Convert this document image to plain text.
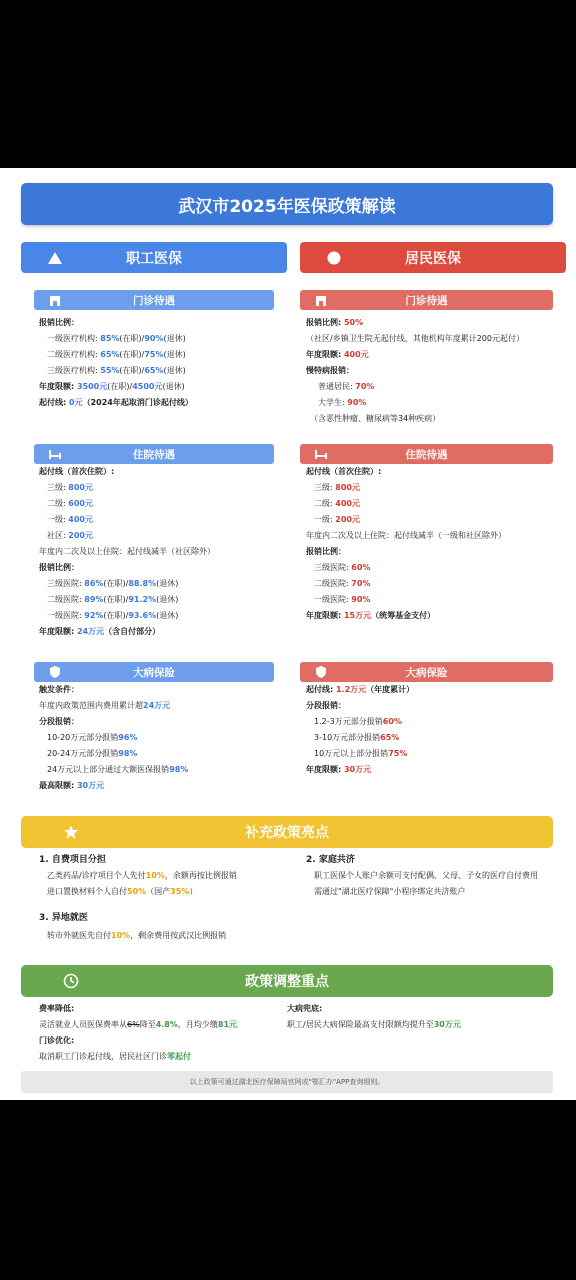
武汉市2025年医保政策解读
职工医保	居民医保
门诊待遇
报销比例：
一级医疗机构: 85%(在职)/90%(退休)
二级医疗机构: 65%(在职)/75%(退休)
三级医疗机构: 55%(在职)/65%(退休)
年度限额: 3500元(在职)/4500元(退休)
起付线: 0元（2024年起取消门诊起付线）
门诊待遇
报销比例: 50%
（社区/乡镇卫生院无起付线，其他机构年度累计200元起付）
年度限额: 400元
慢特病报销：
普通居民: 70%
大学生: 90%
（含恶性肿瘤、糖尿病等34种疾病）
住院待遇
起付线（首次住院）:
三级: 800元
二级: 600元
一级: 400元
社区: 200元
年度内二次及以上住院：起付线减半（社区除外）
报销比例：
三级医院: 86%(在职)/88.8%(退休)
二级医院: 89%(在职)/91.2%(退休)
一级医院: 92%(在职)/93.6%(退休)
年度限额: 24万元（含自付部分）
住院待遇
起付线（首次住院）:
三级: 800元
二级: 400元
一级: 200元
年度内二次及以上住院：起付线减半（一级和社区除外）
报销比例：
三级医院: 60%
二级医院: 70%
一级医院: 90%
年度限额: 15万元（统筹基金支付）
大病保险
触发条件：
年度内政策范围内费用累计超24万元
分段报销：
10-20万元部分报销96%
20-24万元部分报销98%
24万元以上部分通过大额医保报销98%
最高限额: 30万元
大病保险
起付线: 1.2万元（年度累计）
分段报销：
1.2-3万元部分报销60%
3-10万元部分报销65%
10万元以上部分报销75%
年度限额: 30万元
补充政策亮点
1. 自费项目分担
乙类药品/诊疗项目个人先付10%，余额再按比例报销
进口置换材料个人自付50%（国产35%）
2. 家庭共济
职工医保个人账户余额可支付配偶、父母、子女的医疗自付费用
需通过"湖北医疗保障"小程序绑定共济账户
3. 异地就医
转市外就医先自付10%，剩余费用按武汉比例报销
政策调整重点
费率降低:
灵活就业人员医保费率从6%降至4.8%，月均少缴81元
门诊优化:
取消职工门诊起付线，居民社区门诊零起付
大病兜底:
职工/居民大病保险最高支付限额均提升至30万元
以上政策可通过湖北医疗保障局官网或"鄂汇办"APP查询细则。
